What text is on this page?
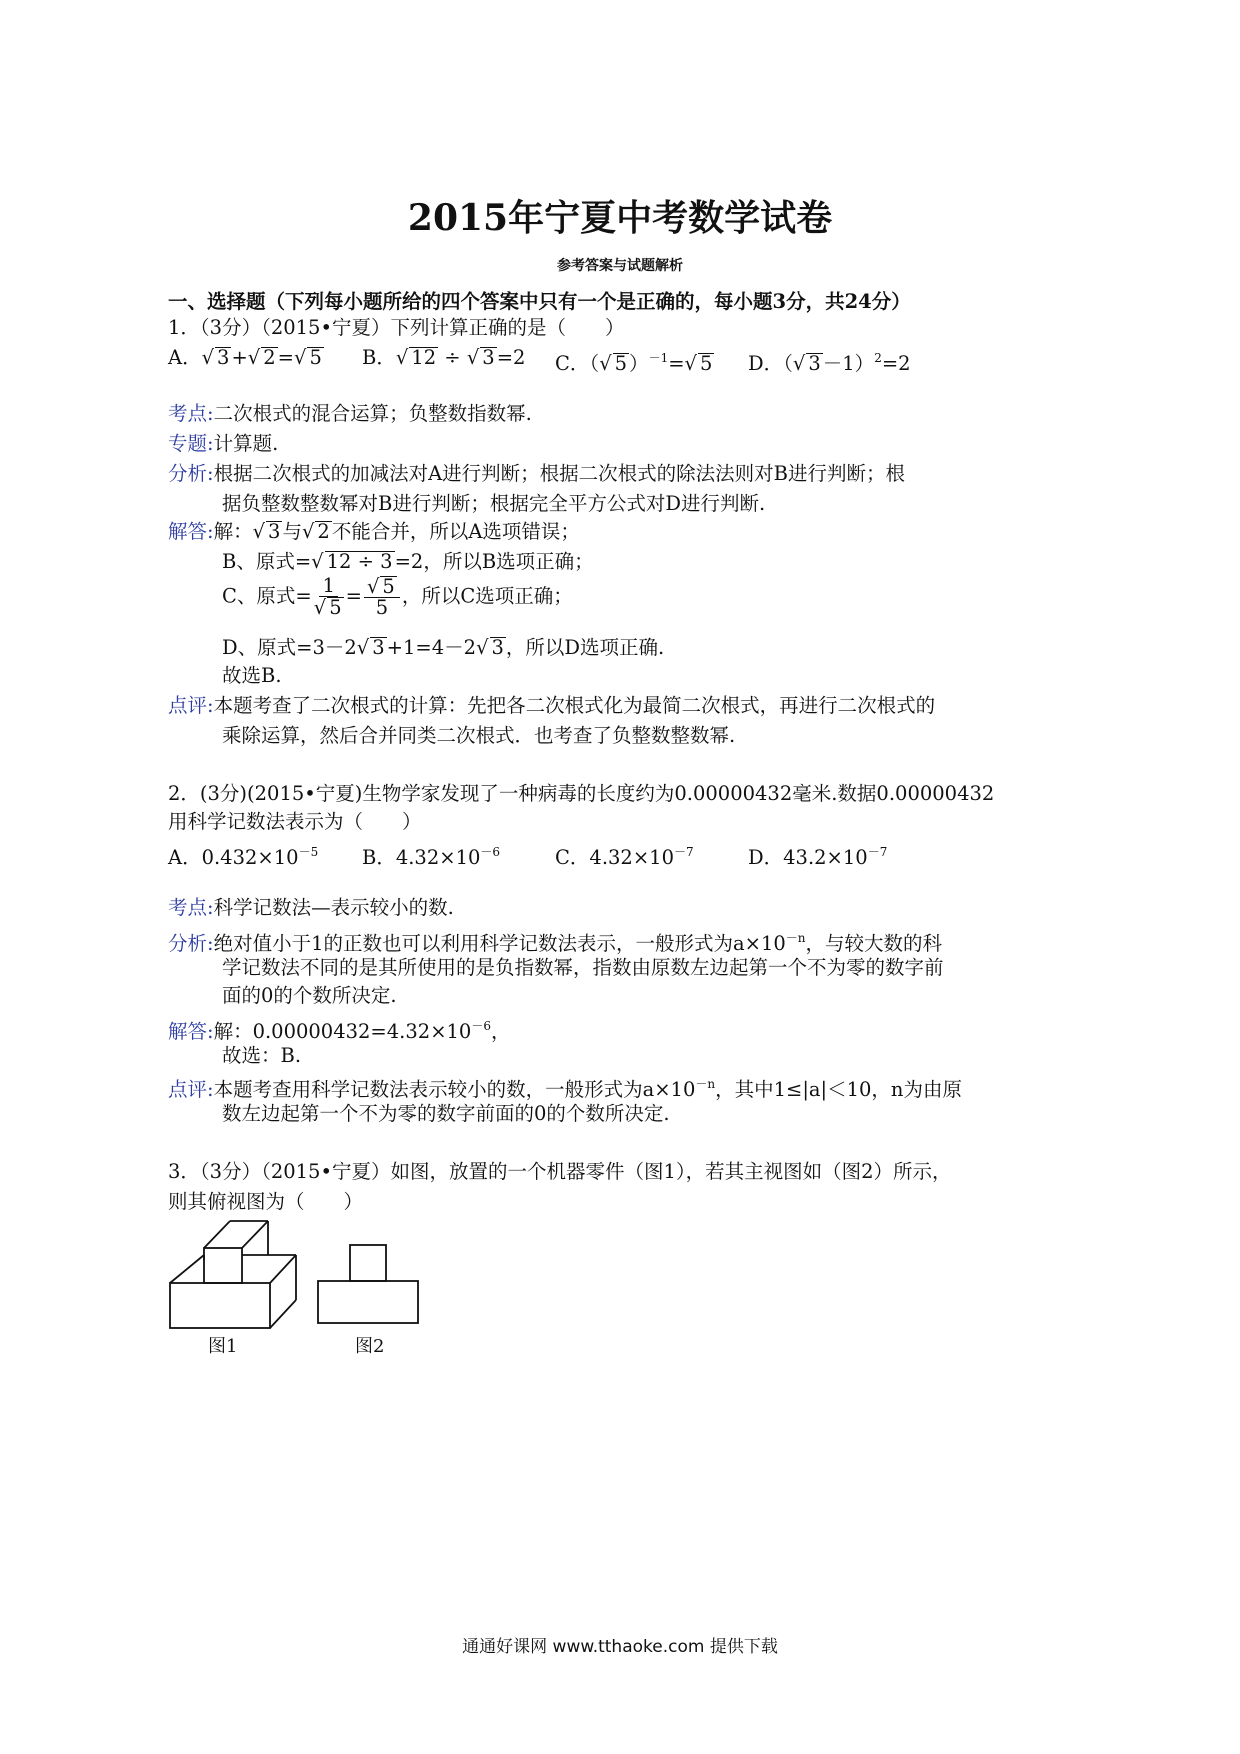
2015年宁夏中考数学试卷
参考答案与试题解析
一、选择题（下列每小题所给的四个答案中只有一个是正确的，每小题3分，共24分）
1．（3分）（2015•宁夏）下列计算正确的是（　　）
A． √ 3 + √ 2 = √ 5 B． √ 12 ÷ √ 3 =2 C．（ √ 5 ）$^{-1}$= √ 5 D．（ √ 3 －1）$^2$=2
考点:二次根式的混合运算；负整数指数幂.
专题:计算题.
分析:根据二次根式的加减法对A进行判断；根据二次根式的除法法则对B进行判断；根
据负整数整数幂对B进行判断；根据完全平方公式对D进行判断.
解答:解： √ 3 与 √ 2 不能合并，所以A选项错误；
B、原式= √ 12 ÷ 3 =2，所以B选项正确；
C、原式= 1
√ 5 = √ $\frac{5}{5}$ ，所以C选项正确；
D、原式=3－2 √ 3 +1=4－2 √ 3 ，所以D选项正确.
故选B.
点评:本题考查了二次根式的计算：先把各二次根式化为最简二次根式，再进行二次根式的
乘除运算，然后合并同类二次根式．也考查了负整数整数幂.
2．(3分)(2015•宁夏)生物学家发现了一种病毒的长度约为0.00000432毫米.数据0.00000432
用科学记数法表示为（　　）
A．$0.432\times 10^{-5}$ B．$4.32\times 10^{-6}$	C．$4.32\times 10^{-7}$	D．$43.2\times 10^{-7}$
考点:科学记数法—表示较小的数.
分析:绝对值小于1的正数也可以利用科学记数法表示，一般形式为$a\times 10^{-n}$，与较大数的科
学记数法不同的是其所使用的是负指数幂，指数由原数左边起第一个不为零的数字前
面的0的个数所决定.
解答:解：$0.00000432=4.32\times 10^{-6}$，
故选：B.
点评:本题考查用科学记数法表示较小的数，一般形式为$a\times 10^{-n}$，其中1≤|a|＜10，n为由原
数左边起第一个不为零的数字前面的0的个数所决定.
3．（3分）（2015•宁夏）如图，放置的一个机器零件（图1），若其主视图如（图2）所示，
则其俯视图为（　　）
图1	图2
通通好课网 www.tthaoke.com 提供下载
